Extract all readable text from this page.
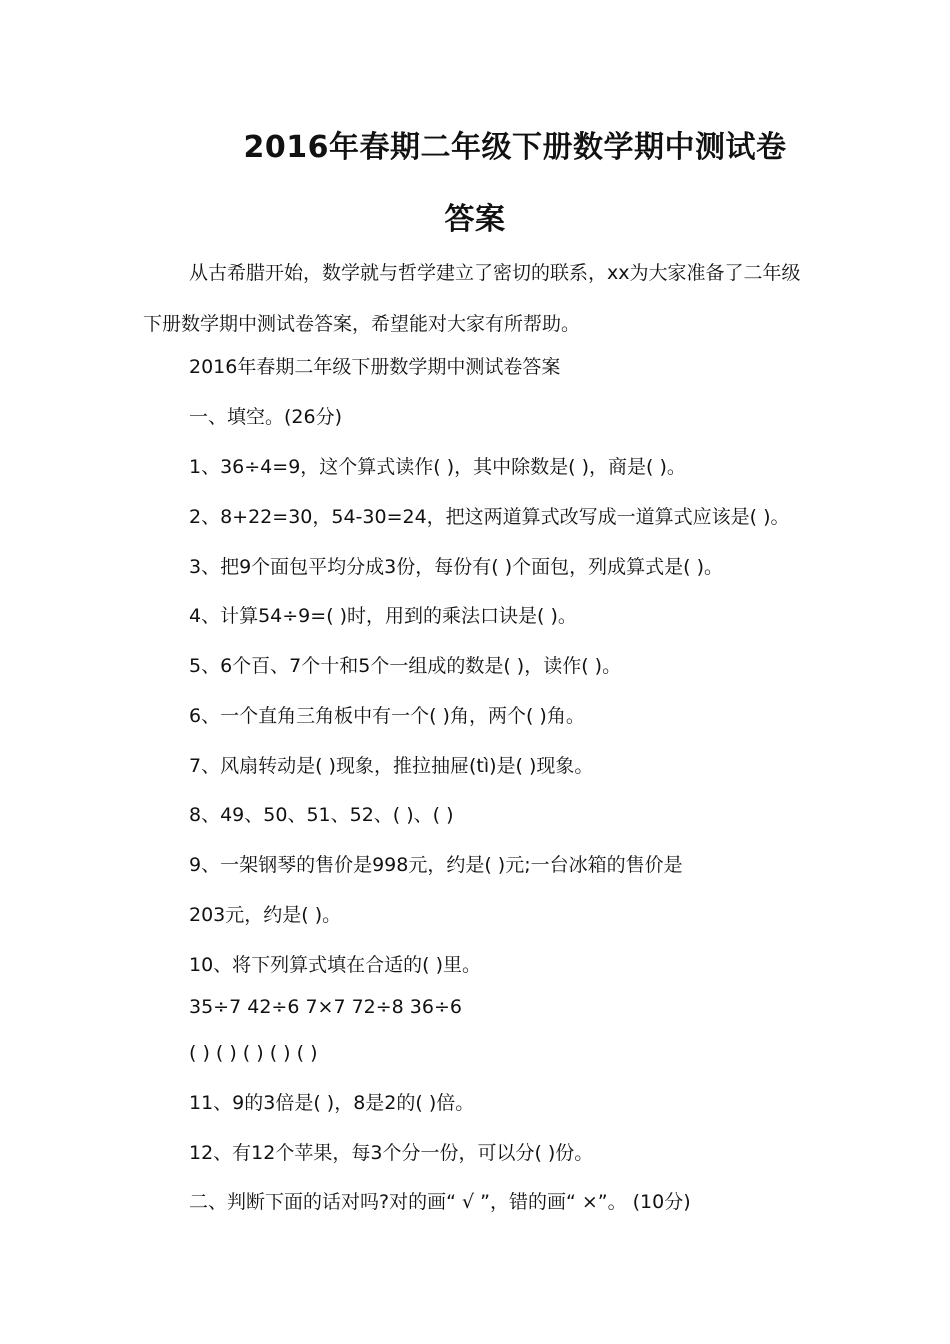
2016年春期二年级下册数学期中测试卷
答案

从古希腊开始，数学就与哲学建立了密切的联系，xx为大家准备了二年级下册数学期中测试卷答案，希望能对大家有所帮助。

2016年春期二年级下册数学期中测试卷答案

一、填空。(26分)

1、36÷4=9，这个算式读作( )，其中除数是( )，商是( )。

2、8+22=30，54-30=24，把这两道算式改写成一道算式应该是( )。

3、把9个面包平均分成3份，每份有( )个面包，列成算式是( )。

4、计算54÷9=( )时，用到的乘法口诀是( )。

5、6个百、7个十和5个一组成的数是( )，读作( )。

6、一个直角三角板中有一个( )角，两个( )角。

7、风扇转动是( )现象，推拉抽屉(tì)是( )现象。

8、49、50、51、52、( )、( )

9、一架钢琴的售价是998元，约是( )元;一台冰箱的售价是

203元，约是( )。

10、将下列算式填在合适的( )里。

35÷7 42÷6 7×7 72÷8 36÷6

( ) ( ) ( ) ( ) ( )

11、9的3倍是( )，8是2的( )倍。

12、有12个苹果，每3个分一份，可以分( )份。

二、判断下面的话对吗?对的画“ √ ”，错的画“ ×”。 (10分)
